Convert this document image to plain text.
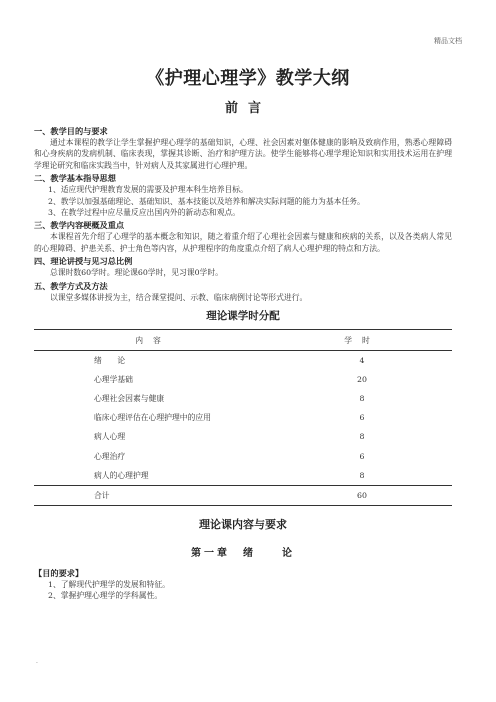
精品文档
《护理心理学》教学大纲
前言
一、教学目的与要求
通过本课程的教学让学生掌握护理心理学的基础知识，心理、社会因素对躯体健康的影响及致病作用，熟悉心理障碍和心身疾病的发病机制、临床表现，掌握其诊断、治疗和护理方法。使学生能够将心理学理论知识和实用技术运用在护理学理论研究和临床实践当中，针对病人及其家属进行心理护理。
二、教学基本指导思想
1、适应现代护理教育发展的需要及护理本科生培养目标。
2、教学以加强基础理论、基础知识、基本技能以及培养和解决实际问题的能力为基本任务。
3、在教学过程中应尽量反应出国内外的新动态和观点。
三、教学内容梗概及重点
本课程首先介绍了心理学的基本概念和知识，随之着重介绍了心理社会因素与健康和疾病的关系，以及各类病人常见的心理障碍、护患关系、护士角色等内容，从护理程序的角度重点介绍了病人心理护理的特点和方法。
四、理论讲授与见习总比例
总课时数60学时。理论课60学时，见习课0学时。
五、教学方式及方法
以课堂多媒体讲授为主，结合课堂提问、示教、临床病例讨论等形式进行。
理论课学时分配
内容	学时
绪　　论	4
心理学基础	20
心理社会因素与健康	8
临床心理评估在心理护理中的应用	6
病人心理	8
心理治疗	6
病人的心理护理	8
合计	60
理论课内容与要求
第一章　绪　　论
【目的要求】
1、了解现代护理学的发展和特征。
2、掌握护理心理学的学科属性。
.
